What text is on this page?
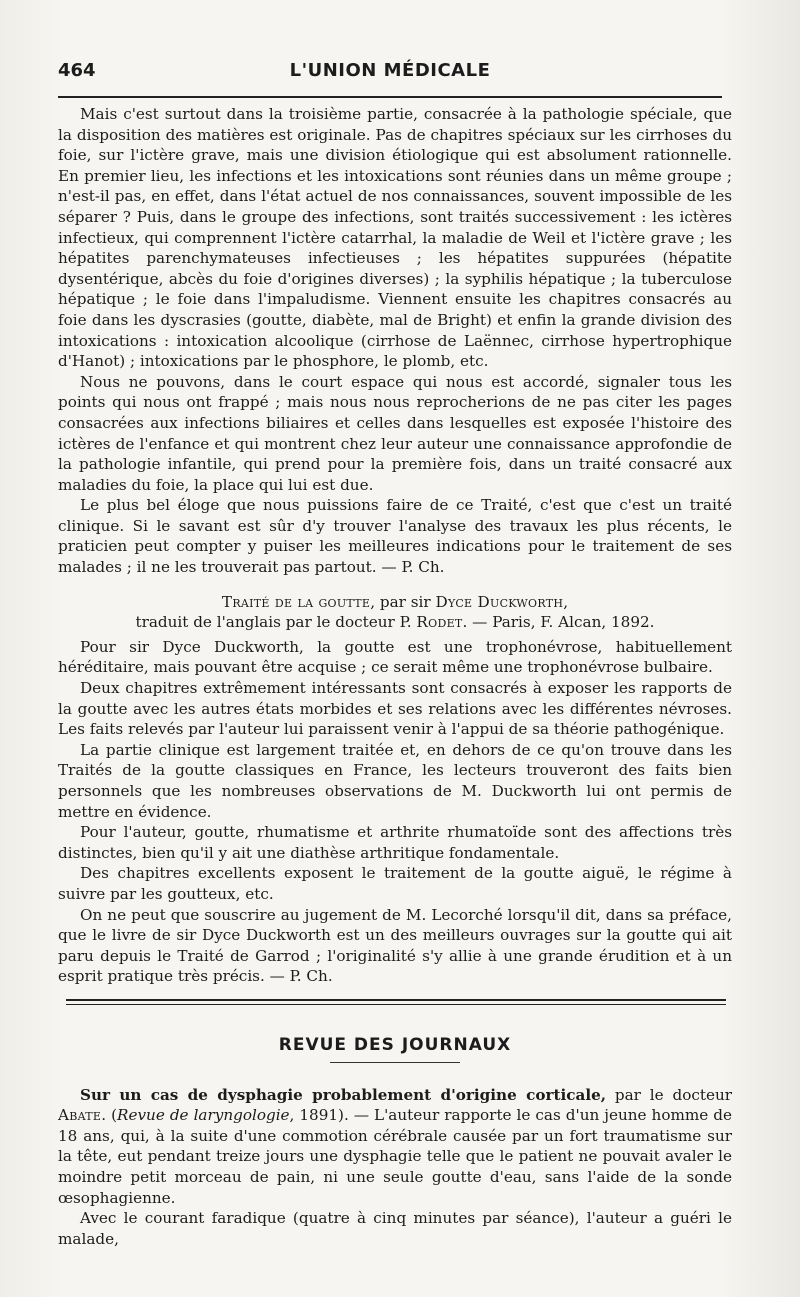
464	L'UNION MÉDICALE

Mais c'est surtout dans la troisième partie, consacrée à la pathologie spéciale, que la disposition des matières est originale. Pas de chapitres spéciaux sur les cirrhoses du foie, sur l'ictère grave, mais une division étiologique qui est absolument rationnelle. En premier lieu, les infections et les intoxications sont réunies dans un même groupe ; n'est-il pas, en effet, dans l'état actuel de nos connaissances, souvent impossible de les séparer ? Puis, dans le groupe des infections, sont traités successivement : les ictères infectieux, qui comprennent l'ictère catarrhal, la maladie de Weil et l'ictère grave ; les hépatites parenchymateuses infectieuses ; les hépatites suppurées (hépatite dysentérique, abcès du foie d'origines diverses) ; la syphilis hépatique ; la tuberculose hépatique ; le foie dans l'impaludisme. Viennent ensuite les chapitres consacrés au foie dans les dyscrasies (goutte, diabète, mal de Bright) et enfin la grande division des intoxications : intoxication alcoolique (cirrhose de Laënnec, cirrhose hypertrophique d'Hanot) ; intoxications par le phosphore, le plomb, etc.

Nous ne pouvons, dans le court espace qui nous est accordé, signaler tous les points qui nous ont frappé ; mais nous nous reprocherions de ne pas citer les pages consacrées aux infections biliaires et celles dans lesquelles est exposée l'histoire des ictères de l'enfance et qui montrent chez leur auteur une connaissance approfondie de la pathologie infantile, qui prend pour la première fois, dans un traité consacré aux maladies du foie, la place qui lui est due.

Le plus bel éloge que nous puissions faire de ce Traité, c'est que c'est un traité clinique. Si le savant est sûr d'y trouver l'analyse des travaux les plus récents, le praticien peut compter y puiser les meilleures indications pour le traitement de ses malades ; il ne les trouverait pas partout. — P. Ch.

Traité de la goutte, par sir Dyce Duckworth,

traduit de l'anglais par le docteur P. Rodet. — Paris, F. Alcan, 1892.

Pour sir Dyce Duckworth, la goutte est une trophonévrose, habituellement héréditaire, mais pouvant être acquise ; ce serait même une trophonévrose bulbaire.

Deux chapitres extrêmement intéressants sont consacrés à exposer les rapports de la goutte avec les autres états morbides et ses relations avec les différentes névroses. Les faits relevés par l'auteur lui paraissent venir à l'appui de sa théorie pathogénique.

La partie clinique est largement traitée et, en dehors de ce qu'on trouve dans les Traités de la goutte classiques en France, les lecteurs trouveront des faits bien personnels que les nombreuses observations de M. Duckworth lui ont permis de mettre en évidence.

Pour l'auteur, goutte, rhumatisme et arthrite rhumatoïde sont des affections très distinctes, bien qu'il y ait une diathèse arthritique fondamentale.

Des chapitres excellents exposent le traitement de la goutte aiguë, le régime à suivre par les goutteux, etc.

On ne peut que souscrire au jugement de M. Lecorché lorsqu'il dit, dans sa préface, que le livre de sir Dyce Duckworth est un des meilleurs ouvrages sur la goutte qui ait paru depuis le Traité de Garrod ; l'originalité s'y allie à une grande érudition et à un esprit pratique très précis. — P. Ch.

REVUE DES JOURNAUX

Sur un cas de dysphagie probablement d'origine corticale, par le docteur Abate. (Revue de laryngologie, 1891). — L'auteur rapporte le cas d'un jeune homme de 18 ans, qui, à la suite d'une commotion cérébrale causée par un fort traumatisme sur la tête, eut pendant treize jours une dysphagie telle que le patient ne pouvait avaler le moindre petit morceau de pain, ni une seule goutte d'eau, sans l'aide de la sonde œsophagienne.

Avec le courant faradique (quatre à cinq minutes par séance), l'auteur a guéri le malade,
